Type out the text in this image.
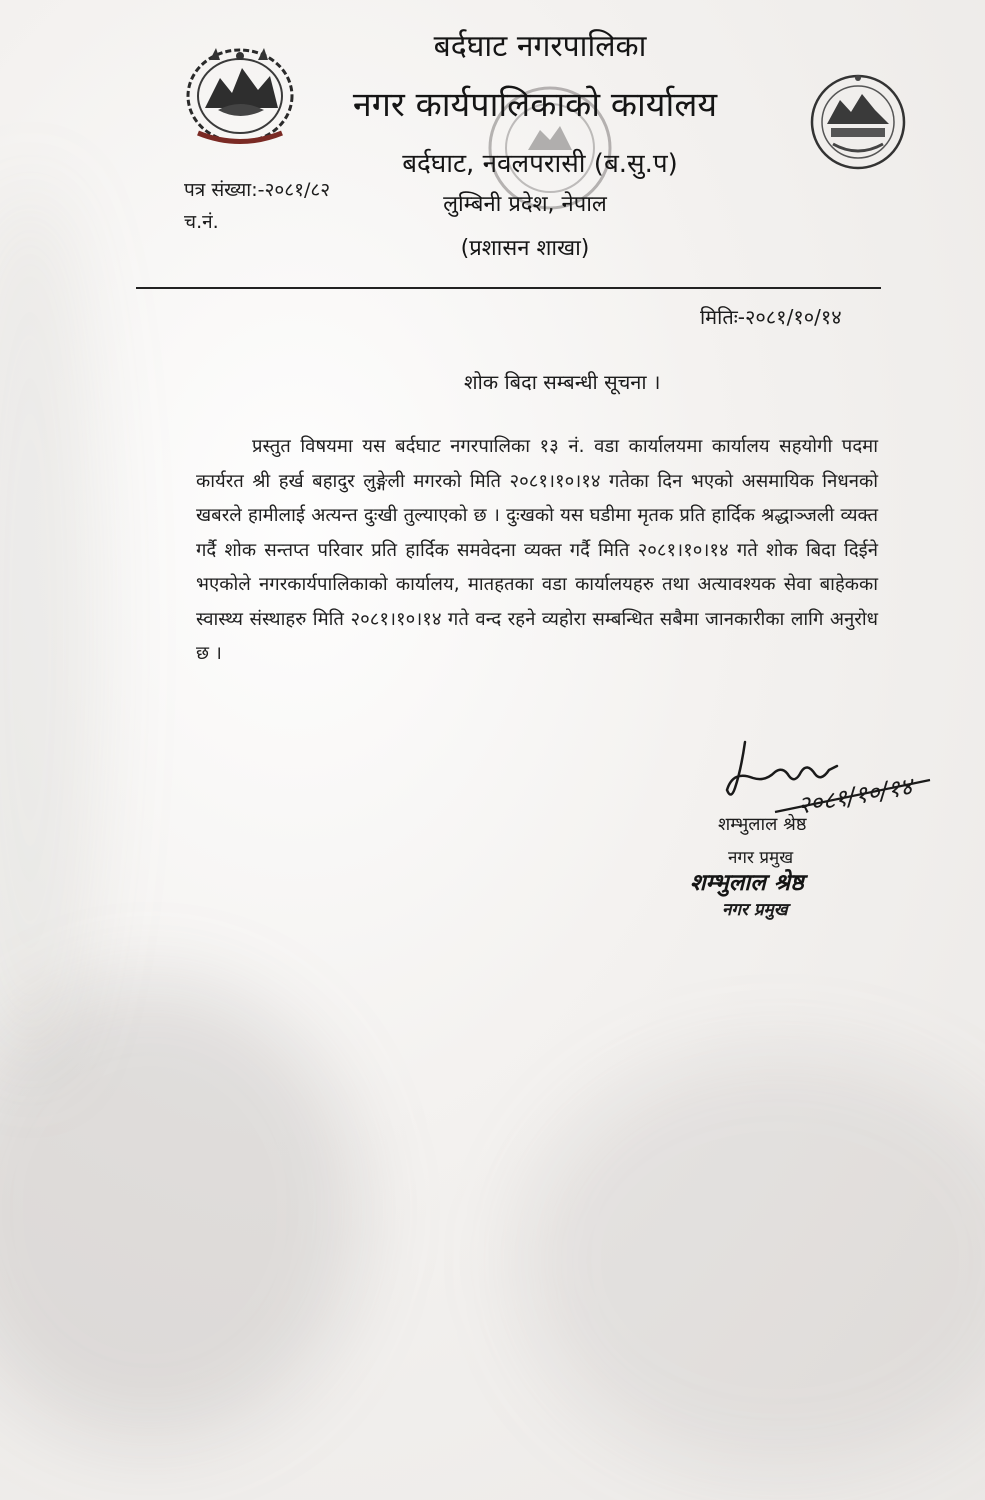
बर्दघाट नगरपालिका
नगर कार्यपालिकाको कार्यालय
बर्दघाट, नवलपरासी (ब.सु.प)
लुम्बिनी प्रदेश, नेपाल
(प्रशासन शाखा)
पत्र संख्या:-२०८१/८२
च.नं.
मितिः-२०८१/१०/१४
शोक बिदा सम्बन्धी सूचना ।
प्रस्तुत विषयमा यस बर्दघाट नगरपालिका १३ नं. वडा कार्यालयमा कार्यालय सहयोगी पदमा कार्यरत श्री हर्ख बहादुर लुङ्गेली मगरको मिति २०८१।१०।१४ गतेका दिन भएको असमायिक निधनको खबरले हामीलाई अत्यन्त दुःखी तुल्याएको छ । दुःखको यस घडीमा मृतक प्रति हार्दिक श्रद्धाञ्जली व्यक्त गर्दै शोक सन्तप्त परिवार प्रति हार्दिक समवेदना व्यक्त गर्दै मिति २०८१।१०।१४ गते शोक बिदा दिईने भएकोले नगरकार्यपालिकाको कार्यालय, मातहतका वडा कार्यालयहरु तथा अत्यावश्यक सेवा बाहेकका स्वास्थ्य संस्थाहरु मिति २०८१।१०।१४ गते वन्द रहने व्यहोरा सम्बन्धित सबैमा जानकारीका लागि अनुरोध छ ।
२०८१/१०/१४
शम्भुलाल श्रेष्ठ
नगर प्रमुख
शम्भुलाल श्रेष्ठ
नगर प्रमुख
